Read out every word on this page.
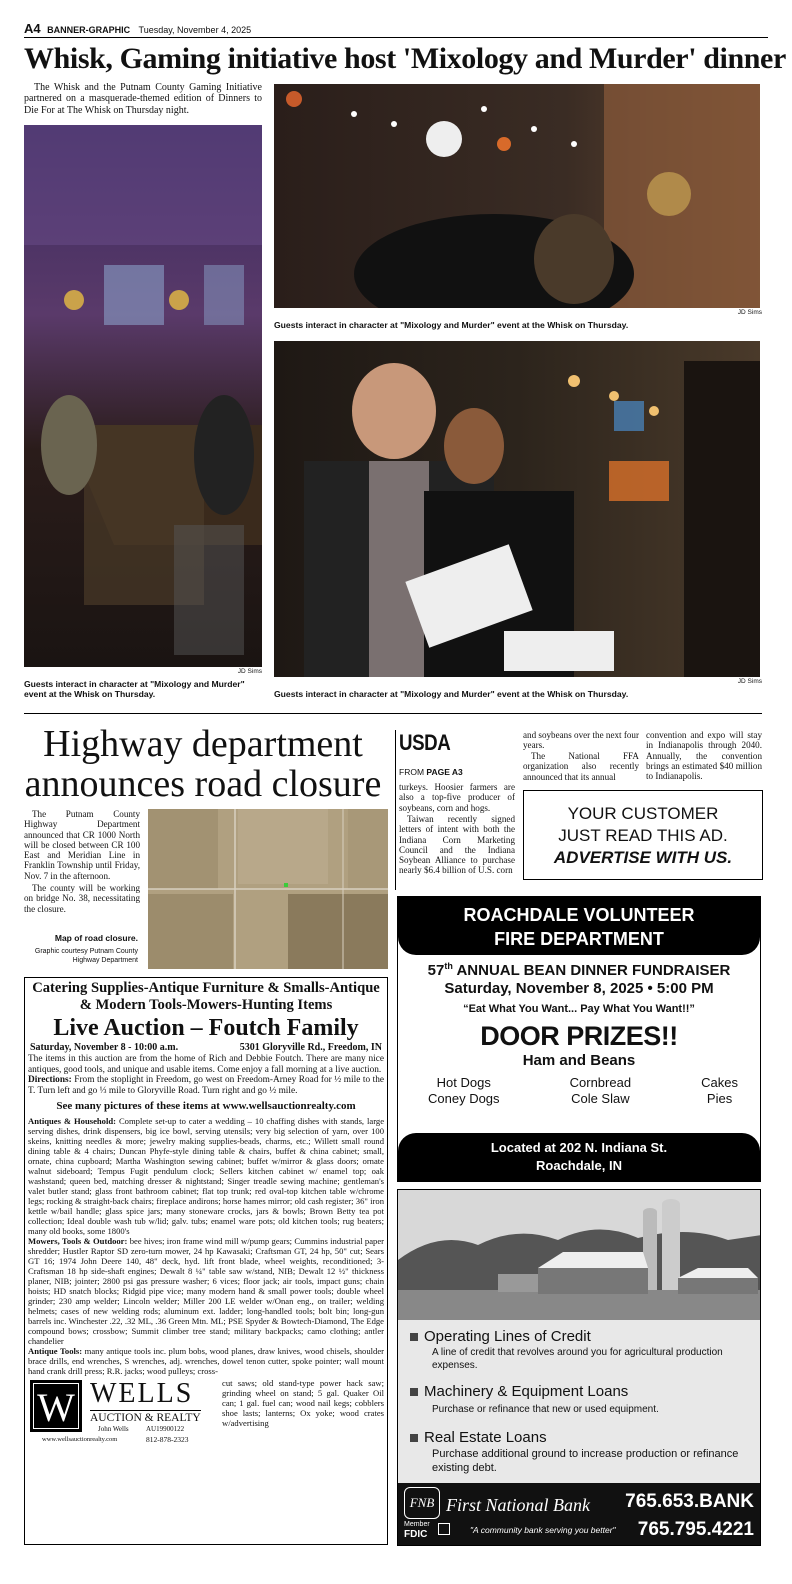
A4 BANNER-GRAPHIC Tuesday, November 4, 2025
Whisk, Gaming initiative host 'Mixology and Murder' dinner

The Whisk and the Putnam County Gaming Initiative partnered on a masquerade-themed edition of Dinners to Die For at The Whisk on Thursday night.

JD Sims
Guests interact in character at "Mixology and Murder" event at the Whisk on Thursday.
JD Sims
Guests interact in character at "Mixology and Murder" event at the Whisk on Thursday.
JD Sims
Guests interact in character at "Mixology and Murder" event at the Whisk on Thursday.
Highway department announces road closure

The Putnam County Highway Department announced that CR 1000 North will be closed between CR 100 East and Meridian Line in Franklin Township until Friday, Nov. 7 in the afternoon.

The county will be working on bridge No. 38, necessitating the closure.

Map of road closure.
Graphic courtesy Putnam County Highway Department
USDA
FROM PAGE A3

turkeys. Hoosier farmers are also a top-five producer of soybeans, corn and hogs.

Taiwan recently signed letters of intent with both the Indiana Corn Marketing Council and the Indiana Soybean Alliance to purchase nearly $6.4 billion of U.S. corn

and soybeans over the next four years.

The National FFA organization also recently announced that its annual

convention and expo will stay in Indianapolis through 2040. Annually, the convention brings an estimated $40 million to Indianapolis.

YOUR CUSTOMER
JUST READ THIS AD.
ADVERTISE WITH US.
Catering Supplies-Antique Furniture & Smalls-Antique & Modern Tools-Mowers-Hunting Items
Live Auction – Foutch Family
Saturday, November 8 - 10:00 a.m.	5301 Gloryville Rd., Freedom, IN

The items in this auction are from the home of Rich and Debbie Foutch. There are many nice antiques, good tools, and unique and usable items. Come enjoy a fall morning at a live auction.

Directions: From the stoplight in Freedom, go west on Freedom-Arney Road for ½ mile to the T. Turn left and go ⅓ mile to Gloryville Road. Turn right and go ½ mile.

See many pictures of these items at www.wellsauctionrealty.com

Antiques & Household: Complete set-up to cater a wedding – 10 chaffing dishes with stands, large serving dishes, drink dispensers, big ice bowl, serving utensils; very big selection of yarn, over 100 skeins, knitting needles & more; jewelry making supplies-beads, charms, etc.; Willett small round dining table & 4 chairs; Duncan Phyfe-style dining table & chairs, buffet & china cabinet; small, ornate, china cupboard; Martha Washington sewing cabinet; buffet w/mirror & glass doors; ornate walnut sideboard; Tempus Fugit pendulum clock; Sellers kitchen cabinet w/ enamel top; oak washstand; queen bed, matching dresser & nightstand; Singer treadle sewing machine; gentleman's valet butler stand; glass front bathroom cabinet; flat top trunk; red oval-top kitchen table w/chrome legs; rocking & straight-back chairs; fireplace andirons; horse hames mirror; old cash register; 36" iron kettle w/bail handle; glass spice jars; many stoneware crocks, jars & bowls; Brown Betty tea pot collection; Ideal double wash tub w/lid; galv. tubs; enamel ware pots; old kitchen tools; rug beaters; many old books, some 1800's

Mowers, Tools & Outdoor: bee hives; iron frame wind mill w/pump gears; Cummins industrial paper shredder; Hustler Raptor SD zero-turn mower, 24 hp Kawasaki; Craftsman GT, 24 hp, 50" cut; Sears GT 16; 1974 John Deere 140, 48" deck, hyd. lift front blade, wheel weights, reconditioned; 3-Craftsman 18 hp side-shaft engines; Dewalt 8 ¼" table saw w/stand, NIB; Dewalt 12 ½" thickness planer, NIB; jointer; 2800 psi gas pressure washer; 6 vices; floor jack; air tools, impact guns; chain hoists; HD snatch blocks; Ridgid pipe vice; many modern hand & small power tools; double wheel grinder; 230 amp welder; Lincoln welder; Miller 200 LE welder w/Onan eng., on trailer; welding helmets; cases of new welding rods; aluminum ext. ladder; long-handled tools; bolt bin; long-gun barrels inc. Winchester .22, .32 ML, .36 Green Mtn. ML; PSE Spyder & Bowtech-Diamond, The Edge compound bows; crossbow; Summit climber tree stand; military backpacks; camo clothing; antler chandelier

Antique Tools: many antique tools inc. plum bobs, wood planes, draw knives, wood chisels, shoulder brace drills, end wrenches, S wrenches, adj. wrenches, dowel tenon cutter, spoke pointer; wall mount hand crank drill press; R.R. jacks; wood pulleys; cross-

W WELLS
AUCTION & REALTY
John Wells AU19900122
www.wellsauctionrealty.com	812-878-2323

cut saws; old stand-type power hack saw; grinding wheel on stand; 5 gal. Quaker Oil can; 1 gal. fuel can; wood nail kegs; cobblers shoe lasts; lanterns; Ox yoke; wood crates w/advertising

ROACHDALE VOLUNTEER
FIRE DEPARTMENT
57th ANNUAL BEAN DINNER FUNDRAISER
Saturday, November 8, 2025 • 5:00 PM
“Eat What You Want... Pay What You Want!!”
DOOR PRIZES!!
Ham and Beans
Hot Dogs
Coney Dogs
Cornbread
Cole Slaw
Cakes
Pies
Located at 202 N. Indiana St.
Roachdale, IN
Operating Lines of Credit
A line of credit that revolves around you for agricultural production expenses.
Machinery & Equipment Loans
Purchase or refinance that new or used equipment.
Real Estate Loans
Purchase additional ground to increase production or refinance existing debt.
FNB First National Bank
Member
FDIC	"A community bank serving you better"
765.653.BANK
765.795.4221
